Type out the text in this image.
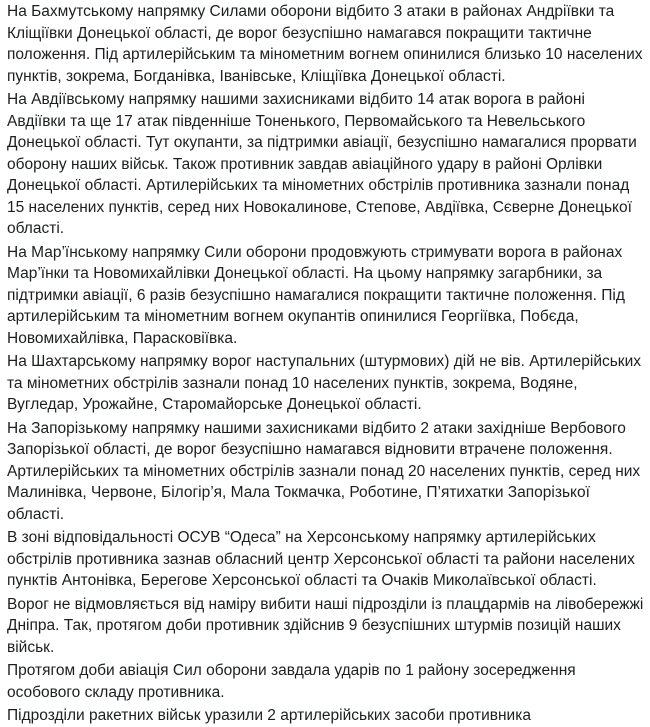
На Бахмутському напрямку Силами оборони відбито 3 атаки в районах Андріївки та Кліщіївки Донецької області, де ворог безуспішно намагався покращити тактичне положення. Під артилерійським та мінометним вогнем опинилися близько 10 населених пунктів, зокрема, Богданівка, Іванівське, Кліщіївка Донецької області.

На Авдіївському напрямку нашими захисниками відбито 14 атак ворога в районі Авдіївки та ще 17 атак південніше Тоненького, Первомайського та Невельського Донецької області. Тут окупанти, за підтримки авіації, безуспішно намагалися прорвати оборону наших військ. Також противник завдав авіаційного удару в районі Орлівки Донецької області. Артилерійських та мінометних обстрілів противника зазнали понад 15 населених пунктів, серед них Новокалинове, Степове, Авдіївка, Сєверне Донецької області.

На Мар’їнському напрямку Сили оборони продовжують стримувати ворога в районах Мар’їнки та Новомихайлівки Донецької області. На цьому напрямку загарбники, за підтримки авіації, 6 разів безуспішно намагалися покращити тактичне положення. Під артилерійським та мінометним вогнем окупантів опинилися Георгіївка, Побєда, Новомихайлівка, Парасковіївка.

На Шахтарському напрямку ворог наступальних (штурмових) дій не вів. Артилерійських та мінометних обстрілів зазнали понад 10 населених пунктів, зокрема, Водяне, Вугледар, Урожайне, Старомайорське Донецької області.

На Запорізькому напрямку нашими захисниками відбито 2 атаки західніше Вербового Запорізької області, де ворог безуспішно намагався відновити втрачене положення. Артилерійських та мінометних обстрілів зазнали понад 20 населених пунктів, серед них Малинівка, Червоне, Білогір’я, Мала Токмачка, Роботине, П’ятихатки Запорізької  області.

В зоні відповідальності ОСУВ “Одеса” на Херсонському напрямку артилерійських обстрілів противника зазнав обласний центр Херсонської області та райони населених пунктів Антонівка, Берегове Херсонської області та Очаків Миколаївської області.

Ворог не відмовляється від наміру вибити наші підрозділи із плацдармів на лівобережжі Дніпра. Так, протягом доби противник здійснив 9 безуспішних штурмів позицій наших військ.

Протягом доби авіація Сил оборони завдала ударів по 1 району зосередження особового складу противника.

Підрозділи ракетних військ уразили 2 артилерійських засоби противника
